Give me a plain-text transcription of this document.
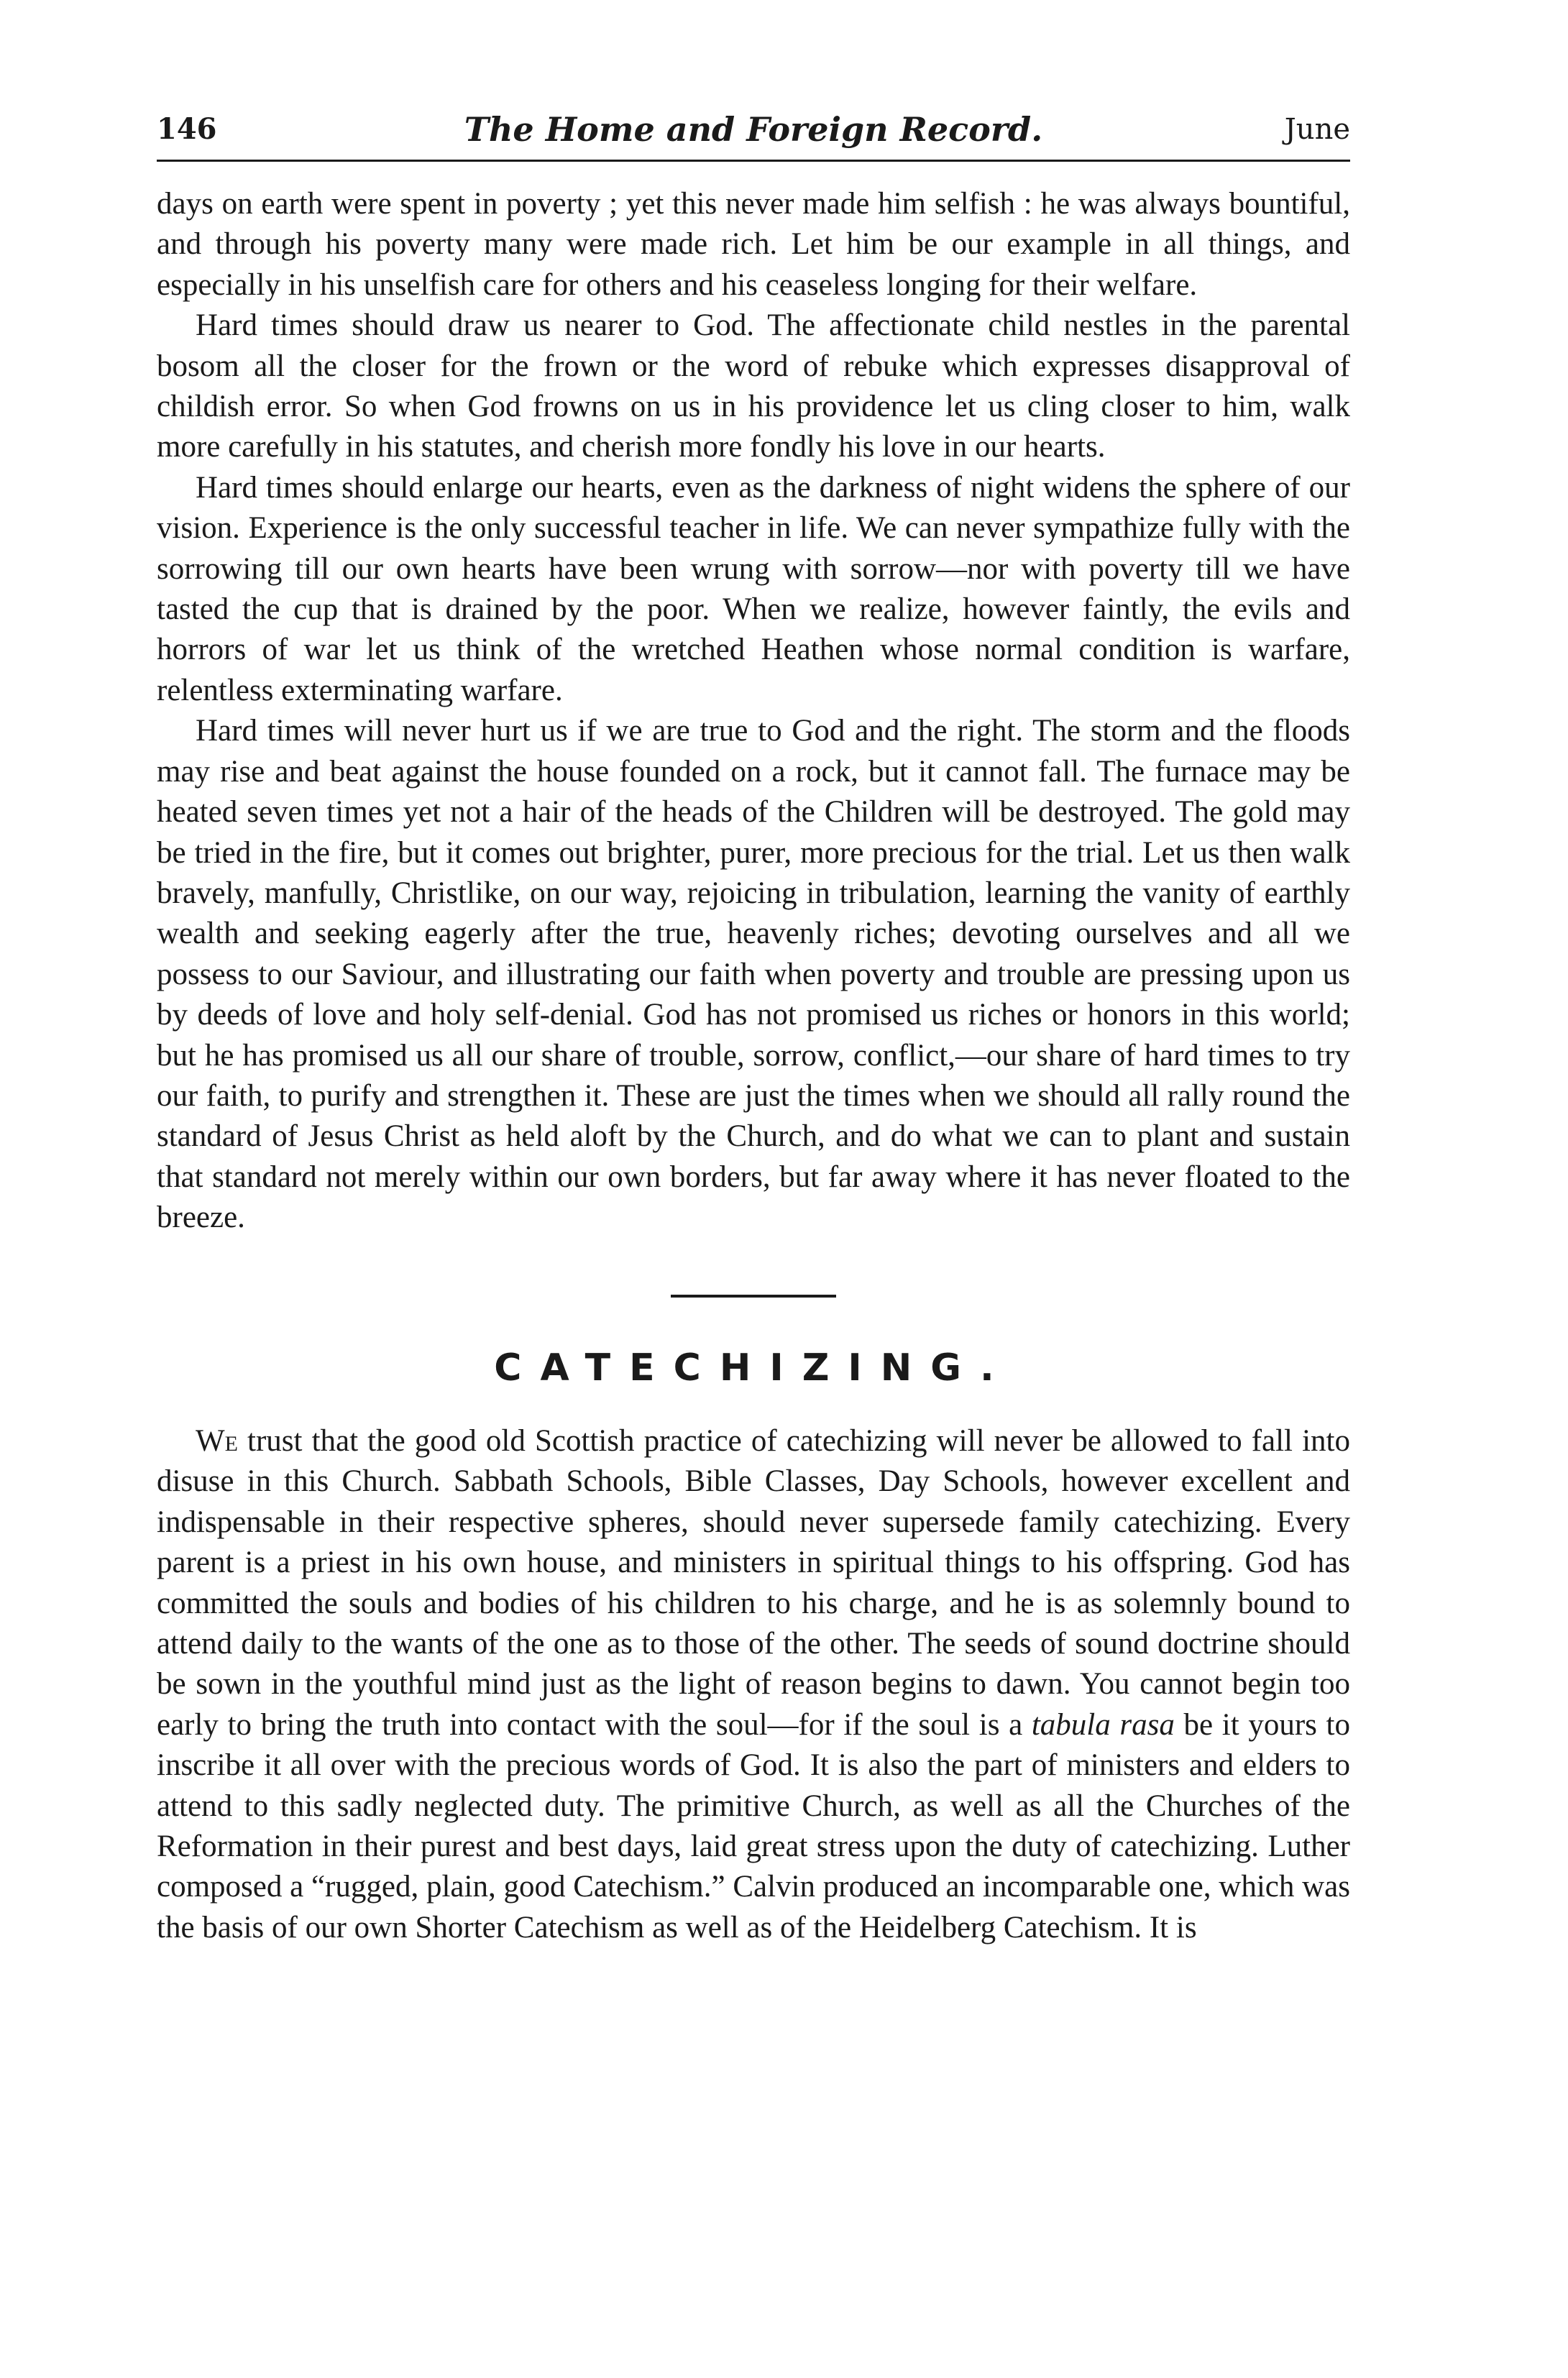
146	The Home and Foreign Record.	June

days on earth were spent in poverty ; yet this never made him selfish : he was always bountiful, and through his poverty many were made rich. Let him be our example in all things, and especially in his unselfish care for others and his ceaseless longing for their welfare.

Hard times should draw us nearer to God. The affectionate child nestles in the parental bosom all the closer for the frown or the word of rebuke which expresses disapproval of childish error. So when God frowns on us in his providence let us cling closer to him, walk more carefully in his statutes, and cherish more fondly his love in our hearts.

Hard times should enlarge our hearts, even as the darkness of night widens the sphere of our vision. Experience is the only successful teacher in life. We can never sympathize fully with the sorrowing till our own hearts have been wrung with sorrow—nor with poverty till we have tasted the cup that is drained by the poor. When we realize, however faintly, the evils and horrors of war let us think of the wretched Heathen whose normal condition is warfare, relentless exterminating warfare.

Hard times will never hurt us if we are true to God and the right. The storm and the floods may rise and beat against the house founded on a rock, but it cannot fall. The furnace may be heated seven times yet not a hair of the heads of the Children will be destroyed. The gold may be tried in the fire, but it comes out brighter, purer, more precious for the trial. Let us then walk bravely, manfully, Christlike, on our way, rejoicing in tribulation, learning the vanity of earthly wealth and seeking eagerly after the true, heavenly riches; devoting ourselves and all we possess to our Saviour, and illustrating our faith when poverty and trouble are pressing upon us by deeds of love and holy self-denial. God has not promised us riches or honors in this world; but he has promised us all our share of trouble, sorrow, conflict,—our share of hard times to try our faith, to purify and strengthen it. These are just the times when we should all rally round the standard of Jesus Christ as held aloft by the Church, and do what we can to plant and sustain that standard not merely within our own borders, but far away where it has never floated to the breeze.

CATECHIZING.

We trust that the good old Scottish practice of catechizing will never be allowed to fall into disuse in this Church. Sabbath Schools, Bible Classes, Day Schools, however excellent and indispensable in their respective spheres, should never supersede family catechizing. Every parent is a priest in his own house, and ministers in spiritual things to his offspring. God has committed the souls and bodies of his children to his charge, and he is as solemnly bound to attend daily to the wants of the one as to those of the other. The seeds of sound doctrine should be sown in the youthful mind just as the light of reason begins to dawn. You cannot begin too early to bring the truth into contact with the soul—for if the soul is a tabula rasa be it yours to inscribe it all over with the precious words of God. It is also the part of ministers and elders to attend to this sadly neglected duty. The primitive Church, as well as all the Churches of the Reformation in their purest and best days, laid great stress upon the duty of catechizing. Luther composed a “rugged, plain, good Catechism.” Calvin produced an incomparable one, which was the basis of our own Shorter Catechism as well as of the Heidelberg Catechism. It is
